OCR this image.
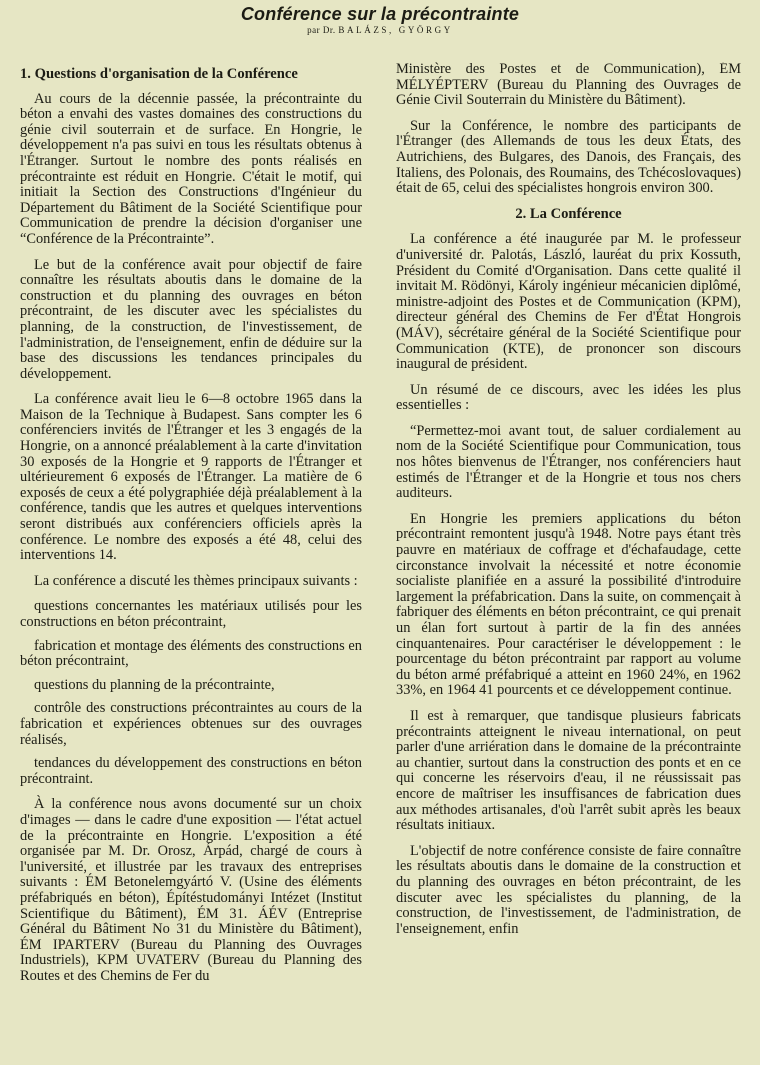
Conférence sur la précontrainte
par Dr. BALÁZS, GYÖRGY
1. Questions d'organisation de la Conférence

Au cours de la décennie passée, la précontrainte du béton a envahi des vastes domaines des constructions du génie civil souterrain et de surface. En Hongrie, le développement n'a pas suivi en tous les résultats obtenus à l'Étranger. Surtout le nombre des ponts réalisés en précontrainte est réduit en Hongrie. C'était le motif, qui initiait la Section des Constructions d'Ingénieur du Département du Bâtiment de la Société Scientifique pour Communication de prendre la décision d'organiser une “Conférence de la Précontrainte”.

Le but de la conférence avait pour objectif de faire connaître les résultats aboutis dans le domaine de la construction et du planning des ouvrages en béton précontraint, de les discuter avec les spécialistes du planning, de la construction, de l'investissement, de l'administration, de l'enseignement, enfin de déduire sur la base des discussions les tendances principales du développement.

La conférence avait lieu le 6—8 octobre 1965 dans la Maison de la Technique à Budapest. Sans compter les 6 conférenciers invités de l'Étranger et les 3 engagés de la Hongrie, on a annoncé préalablement à la carte d'invitation 30 exposés de la Hongrie et 9 rapports de l'Étranger et ultérieurement 6 exposés de l'Étranger. La matière de 6 exposés de ceux a été polygraphiée déjà préalablement à la conférence, tandis que les autres et quelques interventions seront distribués aux conférenciers officiels après la conférence. Le nombre des exposés a été 48, celui des interventions 14.

La conférence a discuté les thèmes principaux suivants :

questions concernantes les matériaux utilisés pour les constructions en béton précontraint,

fabrication et montage des éléments des constructions en béton précontraint,

questions du planning de la précontrainte,

contrôle des constructions précontraintes au cours de la fabrication et expériences obtenues sur des ouvrages réalisés,

tendances du développement des constructions en béton précontraint.

À la conférence nous avons documenté sur un choix d'images — dans le cadre d'une exposition — l'état actuel de la précontrainte en Hongrie. L'exposition a été organisée par M. Dr. Orosz, Árpád, chargé de cours à l'université, et illustrée par les travaux des entreprises suivants : ÉM Betonelemgyártó V. (Usine des éléments préfabriqués en béton), Építéstudományi Intézet (Institut Scientifique du Bâtiment), ÉM 31. ÁÉV (Entreprise Général du Bâtiment No 31 du Ministère du Bâtiment), ÉM IPARTERV (Bureau du Planning des Ouvrages Industriels), KPM UVATERV (Bureau du Planning des Routes et des Chemins de Fer du

Ministère des Postes et de Communication), ÉM MÉLYÉPTERV (Bureau du Planning des Ouvrages de Génie Civil Souterrain du Ministère du Bâtiment).

Sur la Conférence, le nombre des participants de l'Étranger (des Allemands de tous les deux États, des Autrichiens, des Bulgares, des Danois, des Français, des Italiens, des Polonais, des Roumains, des Tchécoslovaques) était de 65, celui des spécialistes hongrois environ 300.

2. La Conférence

La conférence a été inaugurée par M. le professeur d'université dr. Palotás, László, lauréat du prix Kossuth, Président du Comité d'Organisation. Dans cette qualité il invitait M. Rödönyi, Károly ingénieur mécanicien diplômé, ministre-adjoint des Postes et de Communication (KPM), directeur général des Chemins de Fer d'État Hongrois (MÁV), sécrétaire général de la Société Scientifique pour Communication (KTE), de prononcer son discours inaugural de président.

Un résumé de ce discours, avec les idées les plus essentielles :

“Permettez-moi avant tout, de saluer cordialement au nom de la Société Scientifique pour Communication, tous nos hôtes bienvenus de l'Étranger, nos conférenciers haut estimés de l'Étranger et de la Hongrie et tous nos chers auditeurs.

En Hongrie les premiers applications du béton précontraint remontent jusqu'à 1948. Notre pays étant très pauvre en matériaux de coffrage et d'échafaudage, cette circonstance involvait la nécessité et notre économie socialiste planifiée en a assuré la possibilité d'introduire largement la préfabrication. Dans la suite, on commençait à fabriquer des éléments en béton précontraint, ce qui prenait un élan fort surtout à partir de la fin des années cinquantenaires. Pour caractériser le développement : le pourcentage du béton précontraint par rapport au volume du béton armé préfabriqué a atteint en 1960 24%, en 1962 33%, en 1964 41 pourcents et ce développement continue.

Il est à remarquer, que tandisque plusieurs fabricats précontraints atteignent le niveau international, on peut parler d'une arriération dans le domaine de la précontrainte au chantier, surtout dans la construction des ponts et en ce qui concerne les réservoirs d'eau, il ne réussissait pas encore de maîtriser les insuffisances de fabrication dues aux méthodes artisanales, d'où l'arrêt subit après les beaux résultats initiaux.

L'objectif de notre conférence consiste de faire connaître les résultats aboutis dans le domaine de la construction et du planning des ouvrages en béton précontraint, de les discuter avec les spécialistes du planning, de la construction, de l'investissement, de l'administration, de l'enseignement, enfin
